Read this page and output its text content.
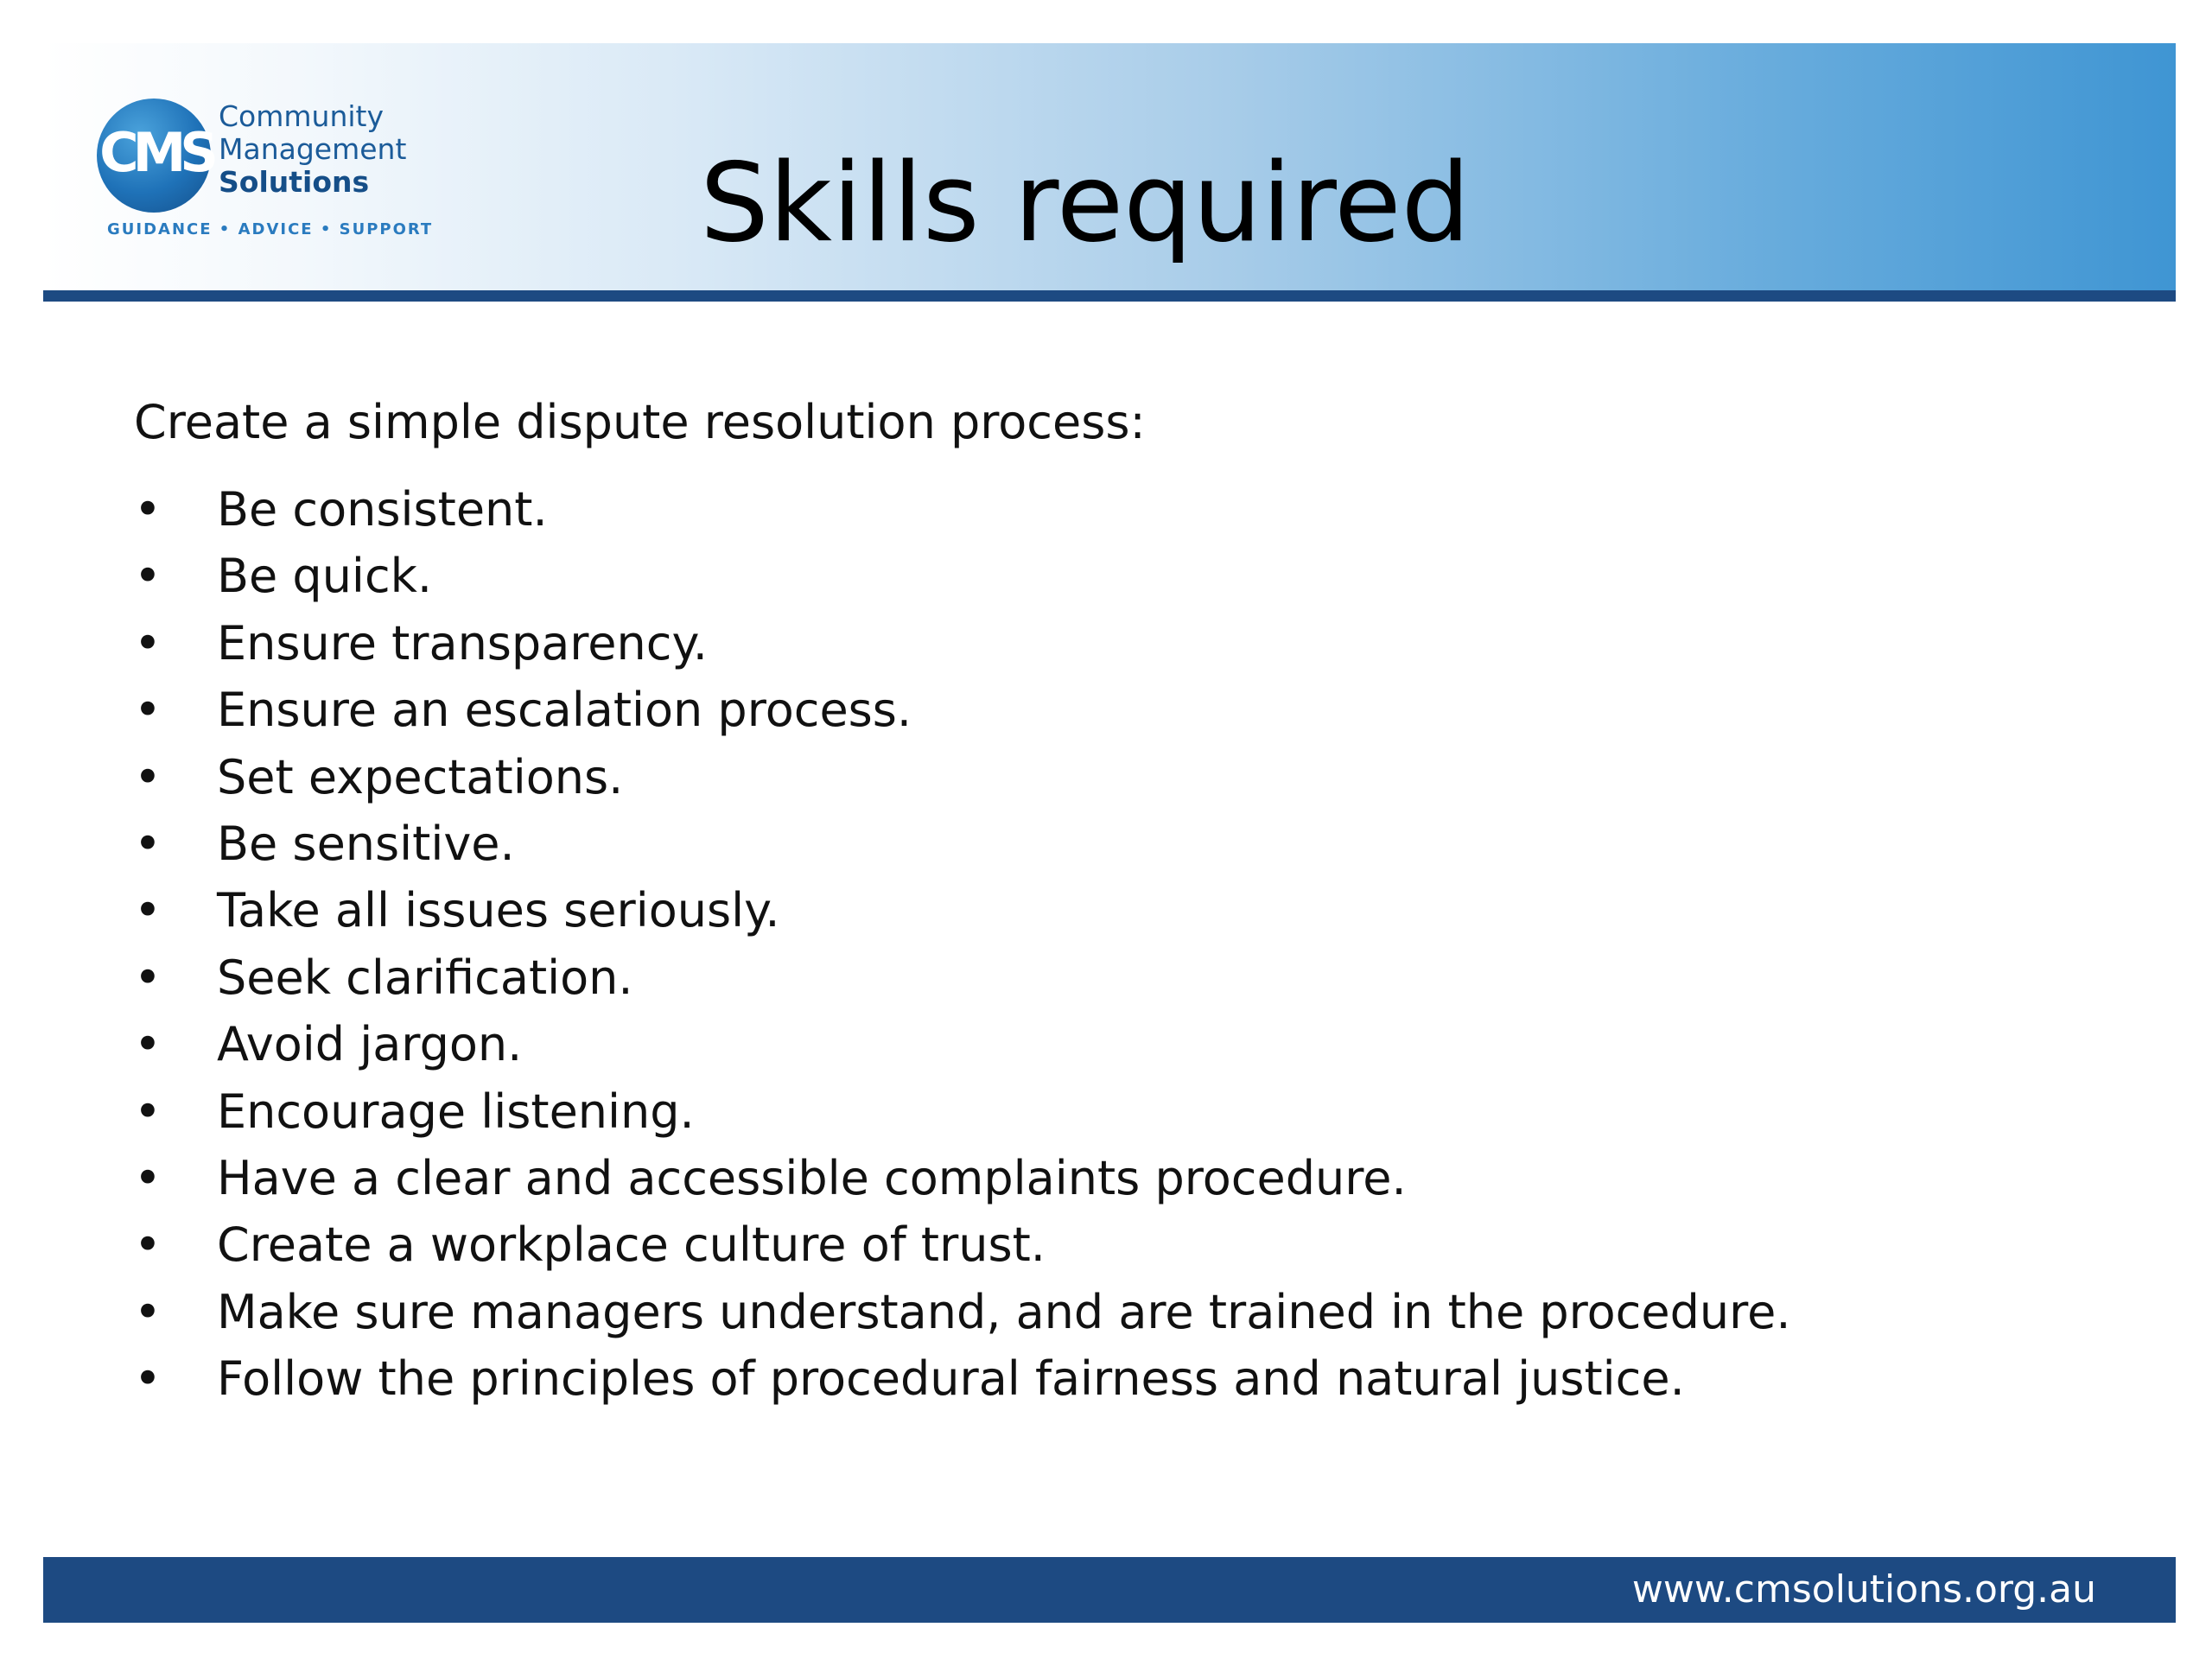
CMS
Community
Management
Solutions
GUIDANCE • ADVICE • SUPPORT Skills required
Create a simple dispute resolution process:
• Be consistent.
• Be quick.
• Ensure transparency.
• Ensure an escalation process.
• Set expectations.
• Be sensitive.
• Take all issues seriously.
• Seek clarification.
• Avoid jargon.
• Encourage listening.
• Have a clear and accessible complaints procedure.
• Create a workplace culture of trust.
• Make sure managers understand, and are trained in the procedure.
• Follow the principles of procedural fairness and natural justice.
www.cmsolutions.org.au
